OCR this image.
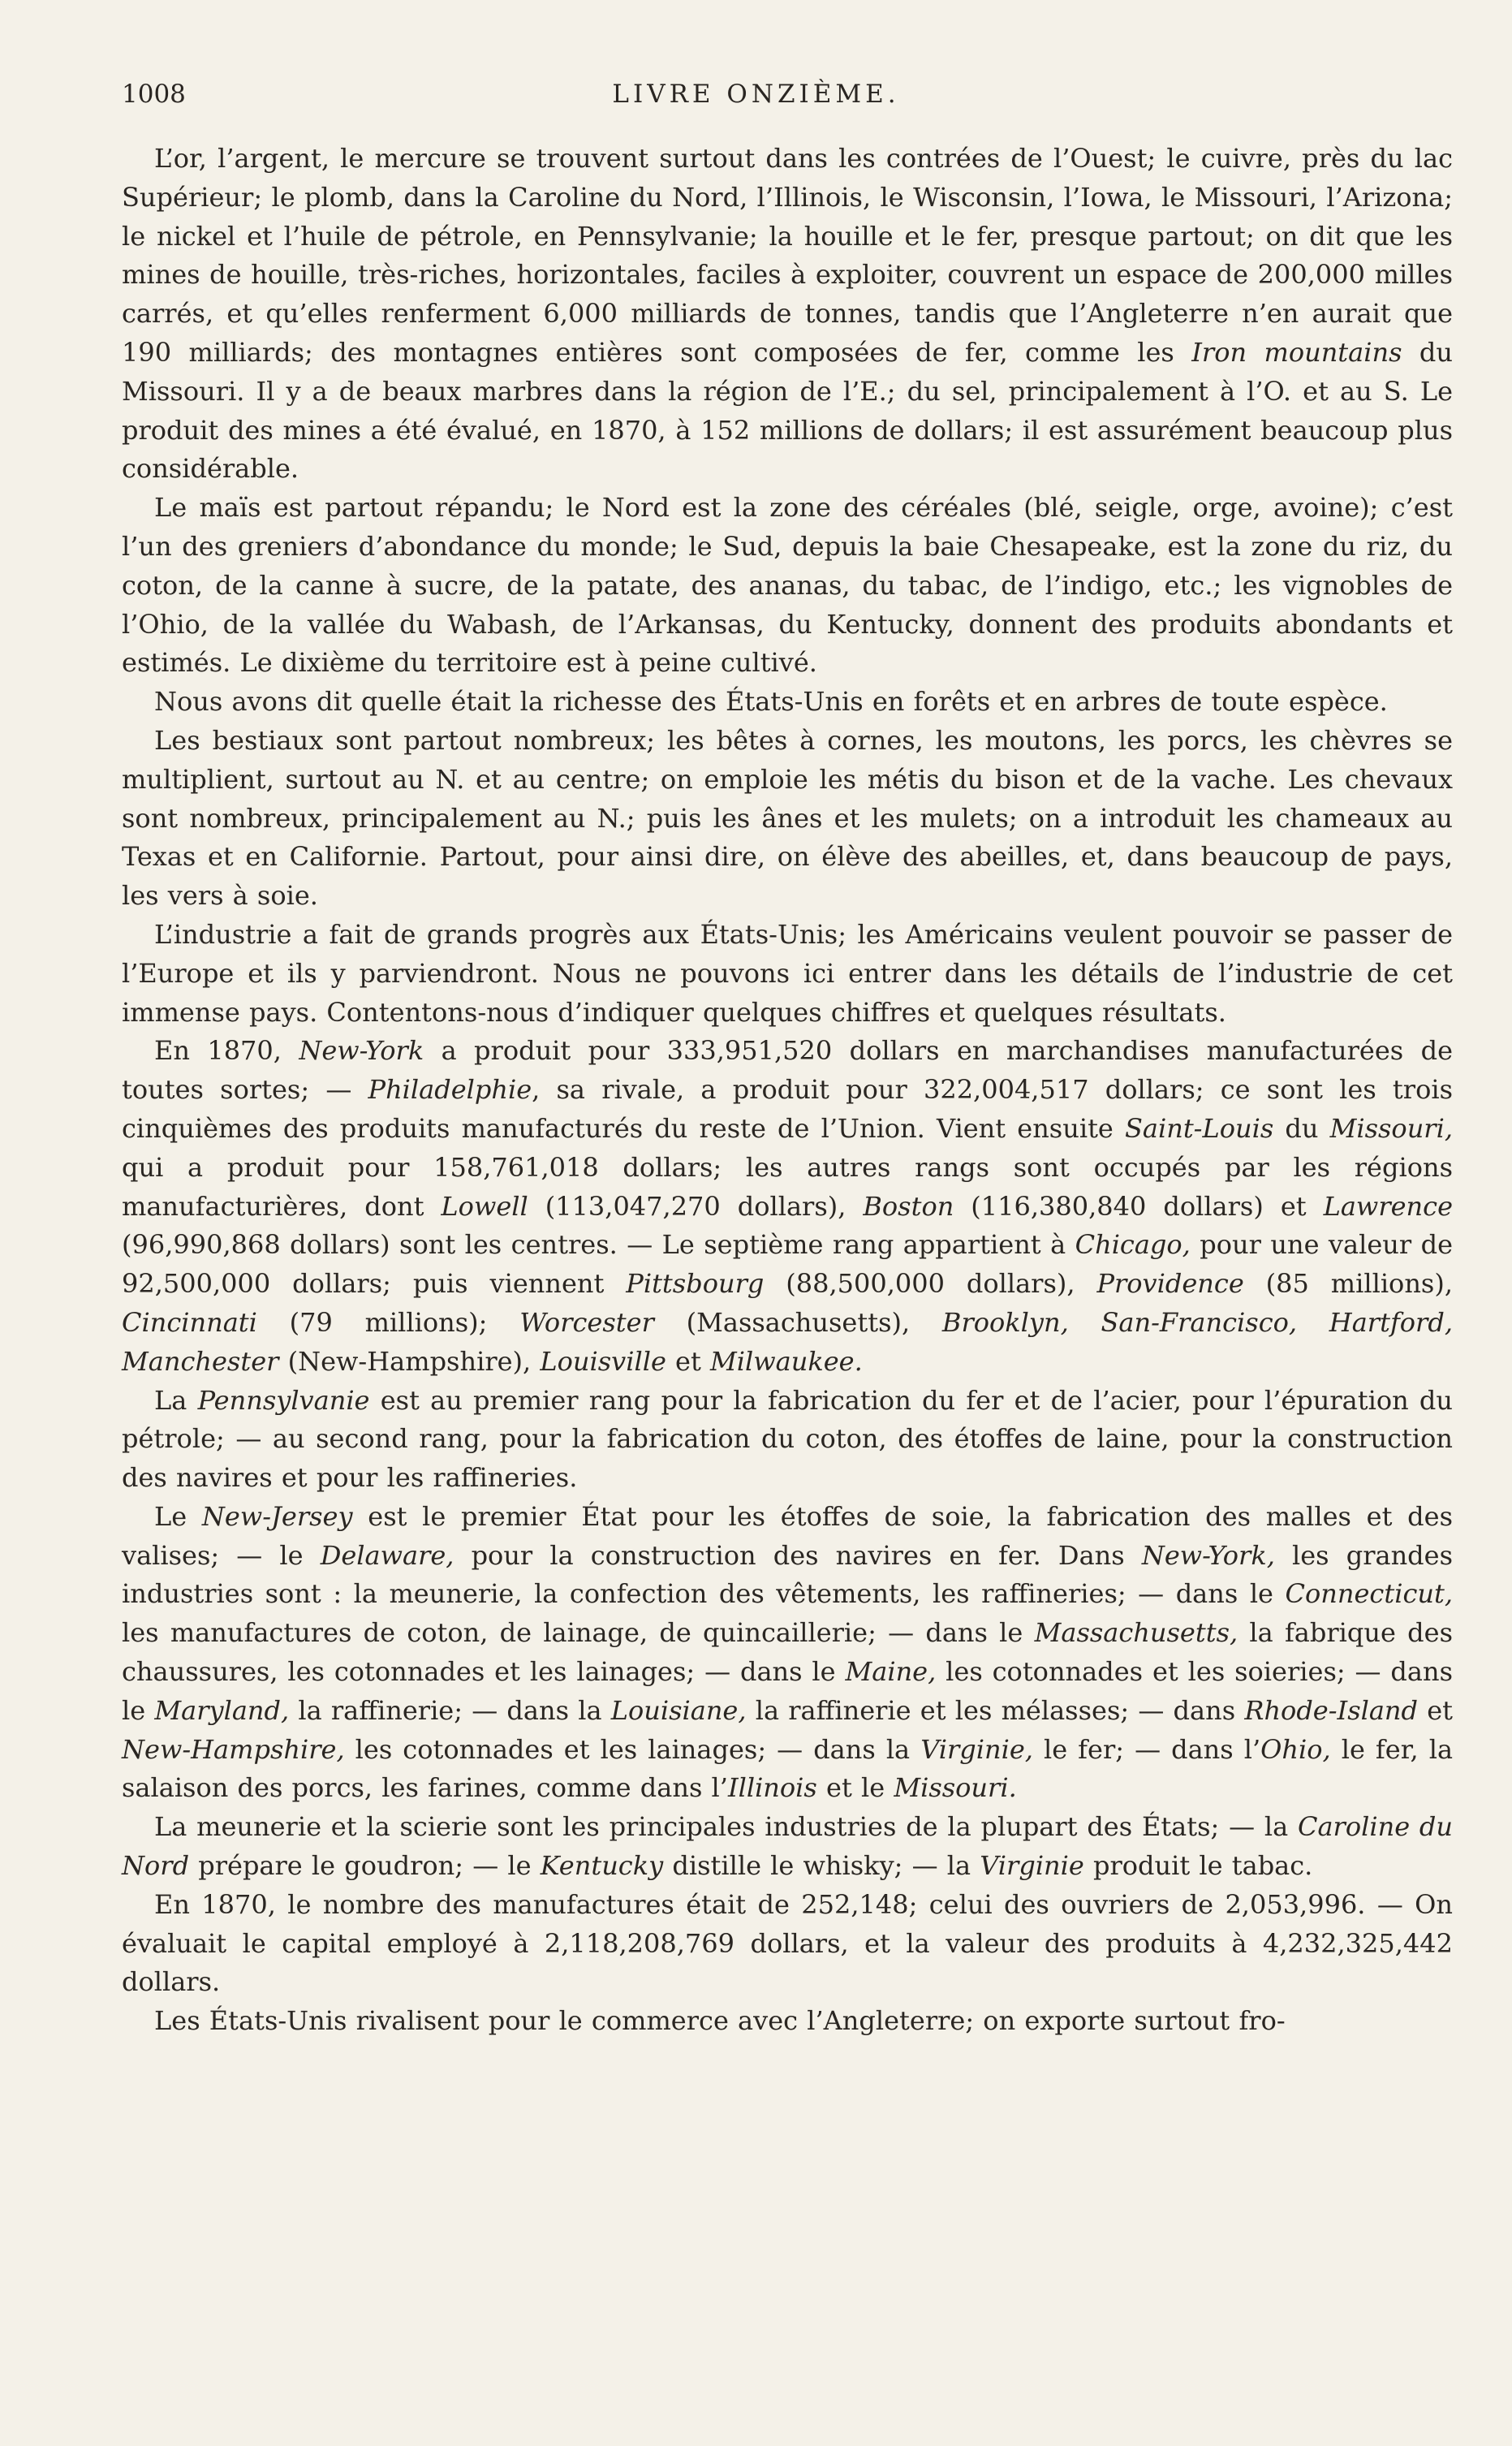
1008	LIVRE ONZIÈME.

L’or, l’argent, le mercure se trouvent surtout dans les contrées de l’Ouest; le cuivre, près du lac Supérieur; le plomb, dans la Caroline du Nord, l’Illinois, le Wisconsin, l’Iowa, le Missouri, l’Arizona; le nickel et l’huile de pétrole, en Pennsylvanie; la houille et le fer, presque partout; on dit que les mines de houille, très-riches, horizontales, faciles à exploiter, couvrent un espace de 200,000 milles carrés, et qu’elles renferment 6,000 milliards de tonnes, tandis que l’Angleterre n’en aurait que 190 milliards; des montagnes entières sont composées de fer, comme les Iron mountains du Missouri. Il y a de beaux marbres dans la région de l’E.; du sel, principalement à l’O. et au S. Le produit des mines a été évalué, en 1870, à 152 millions de dollars; il est assurément beaucoup plus considérable.

Le maïs est partout répandu; le Nord est la zone des céréales (blé, seigle, orge, avoine); c’est l’un des greniers d’abondance du monde; le Sud, depuis la baie Chesapeake, est la zone du riz, du coton, de la canne à sucre, de la patate, des ananas, du tabac, de l’indigo, etc.; les vignobles de l’Ohio, de la vallée du Wabash, de l’Arkansas, du Kentucky, donnent des produits abondants et estimés. Le dixième du territoire est à peine cultivé.

Nous avons dit quelle était la richesse des États-Unis en forêts et en arbres de toute espèce.

Les bestiaux sont partout nombreux; les bêtes à cornes, les moutons, les porcs, les chèvres se multiplient, surtout au N. et au centre; on emploie les métis du bison et de la vache. Les chevaux sont nombreux, principalement au N.; puis les ânes et les mulets; on a introduit les chameaux au Texas et en Californie. Partout, pour ainsi dire, on élève des abeilles, et, dans beaucoup de pays, les vers à soie.

L’industrie a fait de grands progrès aux États-Unis; les Américains veulent pouvoir se passer de l’Europe et ils y parviendront. Nous ne pouvons ici entrer dans les détails de l’industrie de cet immense pays. Contentons-nous d’indiquer quelques chiffres et quelques résultats.

En 1870, New-York a produit pour 333,951,520 dollars en marchandises manufacturées de toutes sortes; — Philadelphie, sa rivale, a produit pour 322,004,517 dollars; ce sont les trois cinquièmes des produits manufacturés du reste de l’Union. Vient ensuite Saint-Louis du Missouri, qui a produit pour 158,761,018 dollars; les autres rangs sont occupés par les régions manufacturières, dont Lowell (113,047,270 dollars), Boston (116,380,840 dollars) et Lawrence (96,990,868 dollars) sont les centres. — Le septième rang appartient à Chicago, pour une valeur de 92,500,000 dollars; puis viennent Pittsbourg (88,500,000 dollars), Providence (85 millions), Cincinnati (79 millions); Worcester (Massachusetts), Brooklyn, San-Francisco, Hartford, Manchester (New-Hampshire), Louisville et Milwaukee.

La Pennsylvanie est au premier rang pour la fabrication du fer et de l’acier, pour l’épuration du pétrole; — au second rang, pour la fabrication du coton, des étoffes de laine, pour la construction des navires et pour les raffineries.

Le New-Jersey est le premier État pour les étoffes de soie, la fabrication des malles et des valises; — le Delaware, pour la construction des navires en fer. Dans New-York, les grandes industries sont : la meunerie, la confection des vêtements, les raffineries; — dans le Connecticut, les manufactures de coton, de lainage, de quincaillerie; — dans le Massachusetts, la fabrique des chaussures, les cotonnades et les lainages; — dans le Maine, les cotonnades et les soieries; — dans le Maryland, la raffinerie; — dans la Louisiane, la raffinerie et les mélasses; — dans Rhode-Island et New-Hampshire, les cotonnades et les lainages; — dans la Virginie, le fer; — dans l’Ohio, le fer, la salaison des porcs, les farines, comme dans l’Illinois et le Missouri.

La meunerie et la scierie sont les principales industries de la plupart des États; — la Caroline du Nord prépare le goudron; — le Kentucky distille le whisky; — la Virginie produit le tabac.

En 1870, le nombre des manufactures était de 252,148; celui des ouvriers de 2,053,996. — On évaluait le capital employé à 2,118,208,769 dollars, et la valeur des produits à 4,232,325,442 dollars.

Les États-Unis rivalisent pour le commerce avec l’Angleterre; on exporte surtout fro-
